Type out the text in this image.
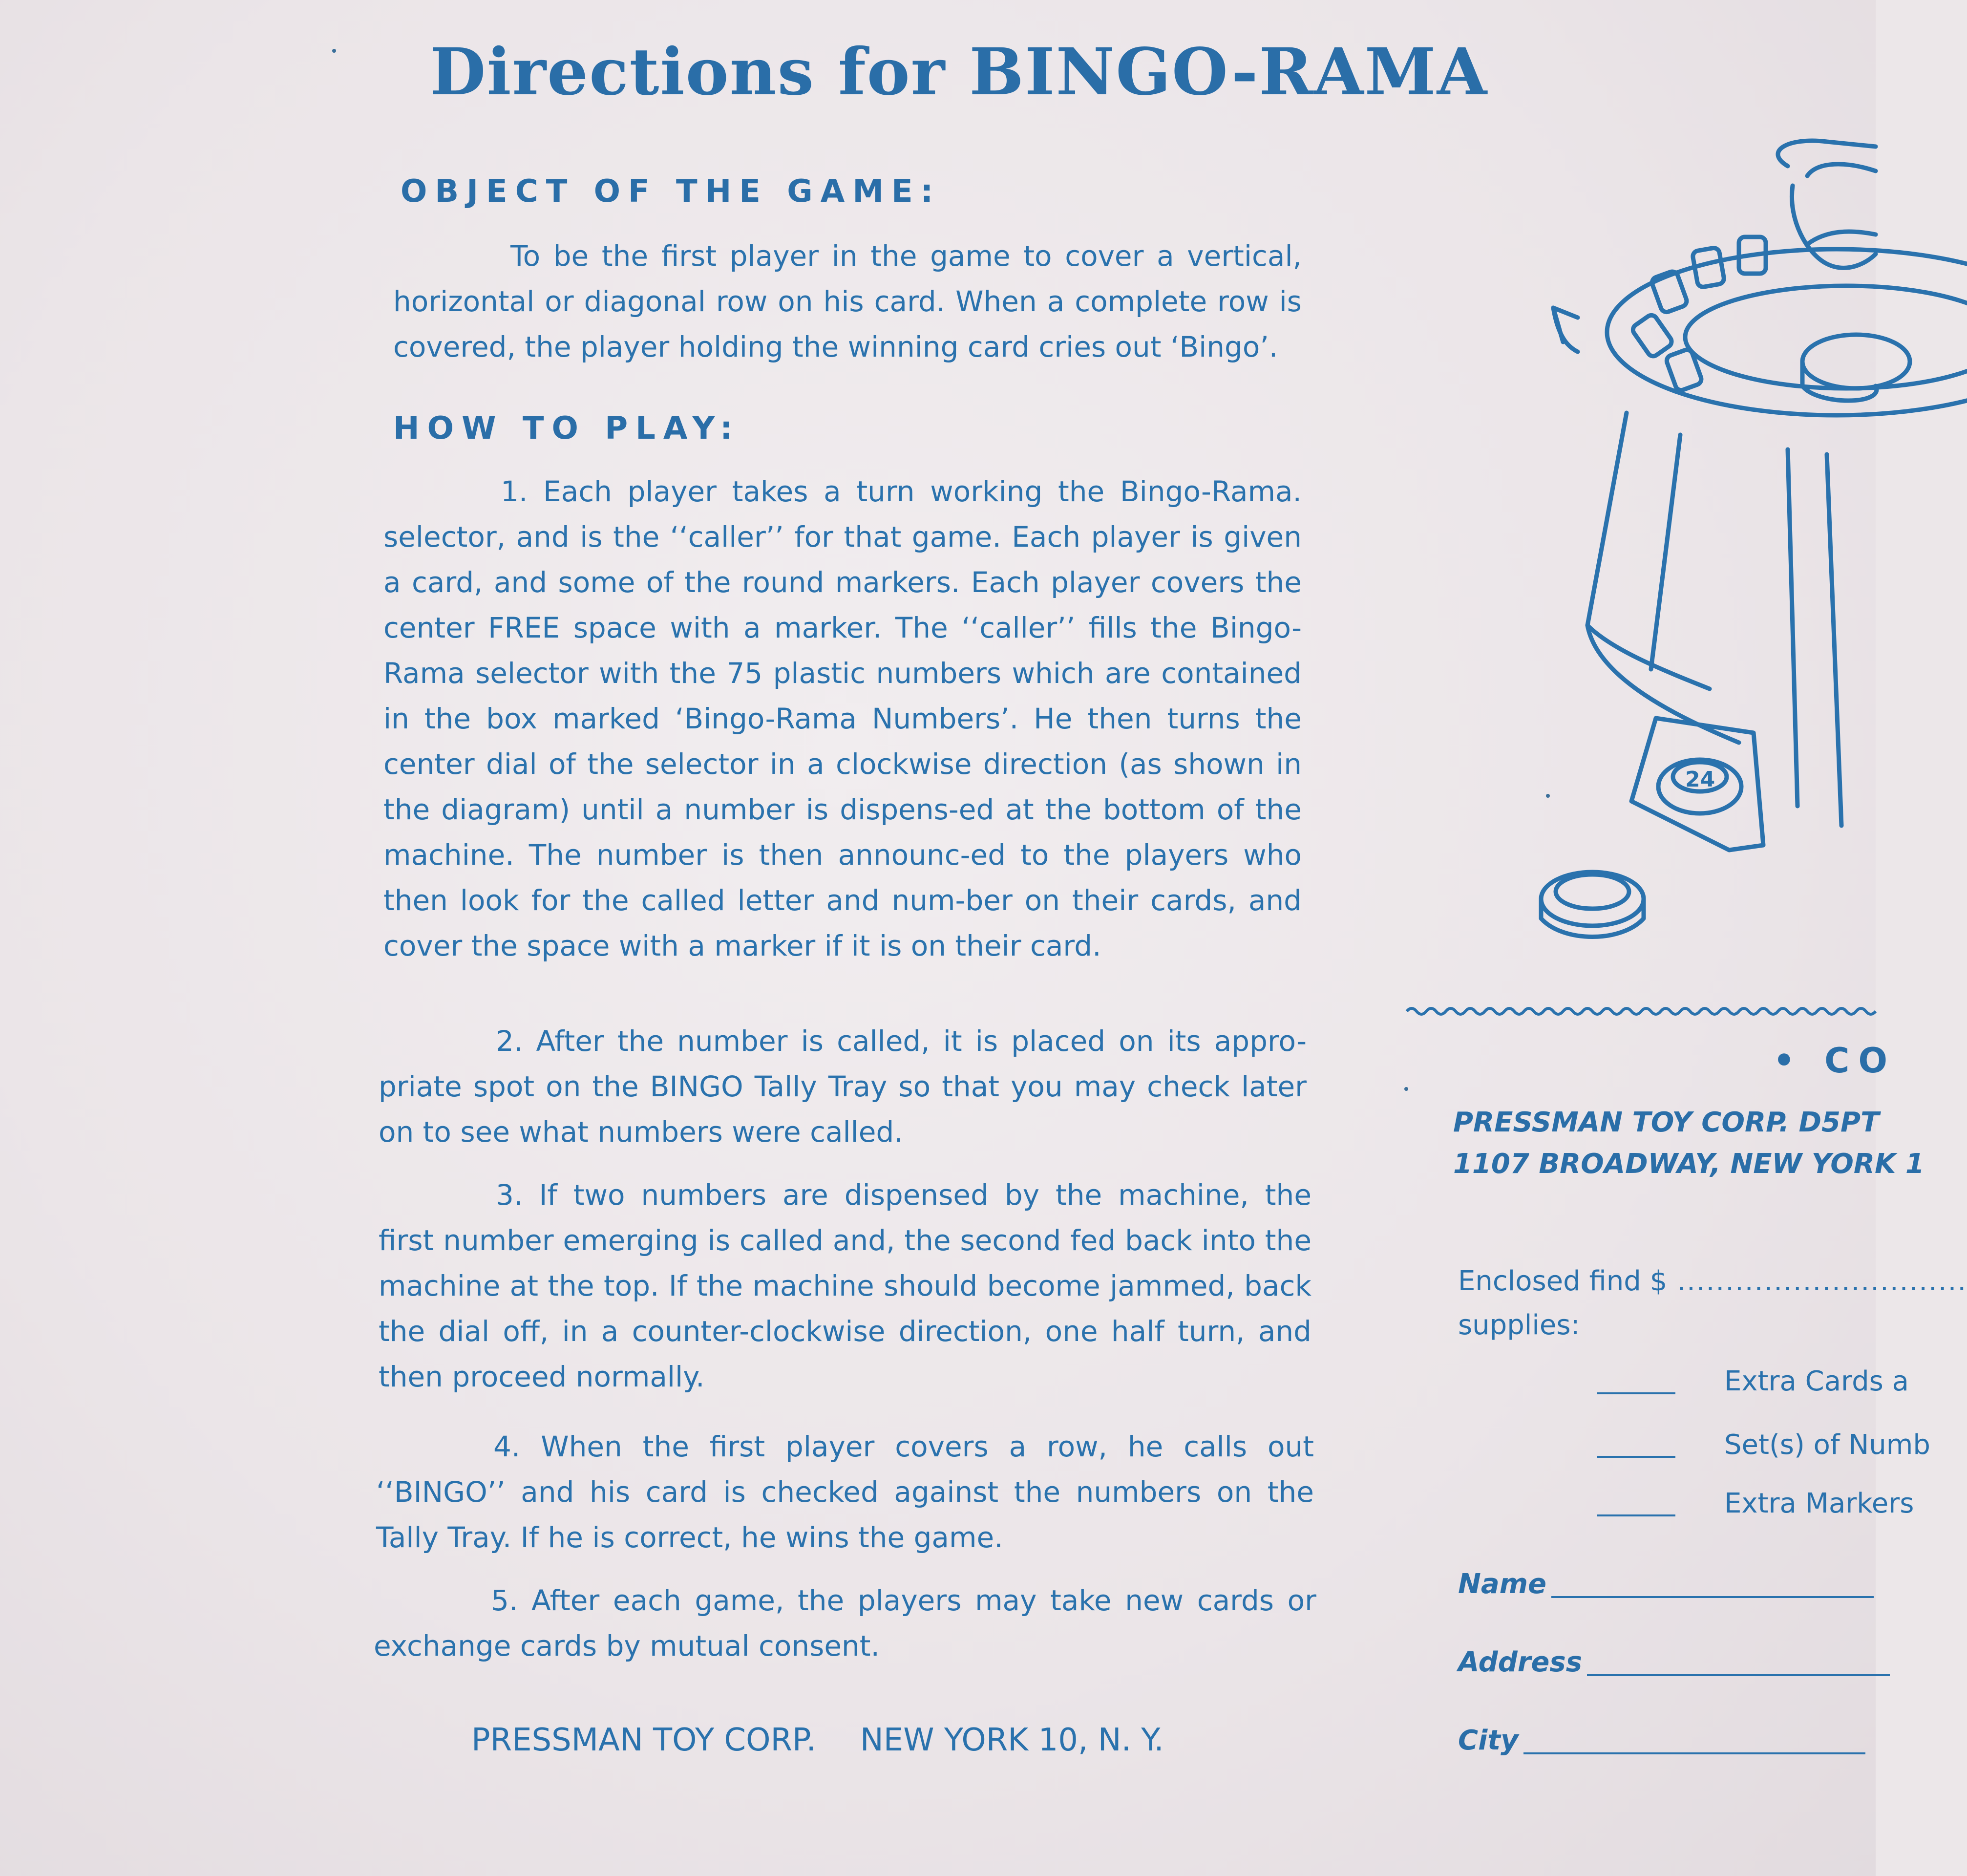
Directions for BINGO-RAMA
OBJECT OF THE GAME:
To be the first player in the game to cover a vertical, horizontal or diagonal row on his card. When a complete row is covered, the player holding the winning card cries out ‘Bingo’.
HOW TO PLAY:
1. Each player takes a turn working the Bingo-Rama. selector, and is the ‘‘caller’’ for that game. Each player is given a card, and some of the round markers. Each player covers the center FREE space with a marker. The ‘‘caller’’ fills the Bingo-Rama selector with the 75 plastic numbers which are contained in the box marked ‘Bingo-Rama Numbers’. He then turns the center dial of the selector in a clockwise direction (as shown in the diagram) until a number is dispens-ed at the bottom of the machine. The number is then announc-ed to the players who then look for the called letter and num-ber on their cards, and cover the space with a marker if it is on their card.
2. After the number is called, it is placed on its appro-priate spot on the BINGO Tally Tray so that you may check later on to see what numbers were called.
3. If two numbers are dispensed by the machine, the first number emerging is called and, the second fed back into the machine at the top. If the machine should become jammed, back the dial off, in a counter-clockwise direction, one half turn, and then proceed normally.
4. When the first player covers a row, he calls out ‘‘BINGO’’ and his card is checked against the numbers on the Tally Tray. If he is correct, he wins the game.
5. After each game, the players may take new cards or exchange cards by mutual consent.
PRESSMAN TOY CORP. NEW YORK 10, N. Y.
24
• CO
PRESSMAN TOY CORP. D5PT
1107 BROADWAY, NEW YORK 1
Enclosed find $ ..............................
supplies:
Extra Cards a
Set(s) of Numb
Extra Markers
Name
Address
City
